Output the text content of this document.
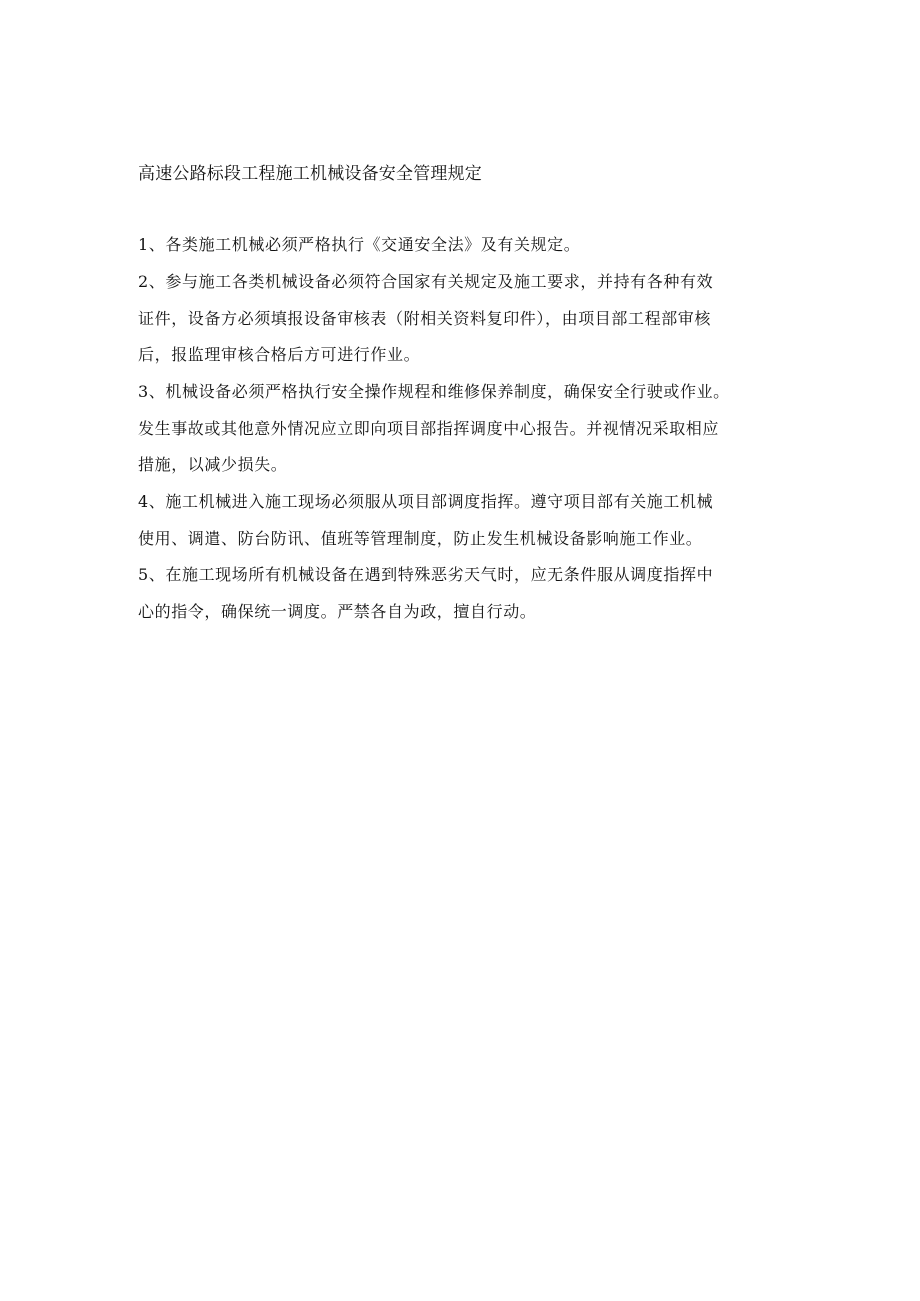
高速公路标段工程施工机械设备安全管理规定
1、各类施工机械必须严格执行《交通安全法》及有关规定。
2、参与施工各类机械设备必须符合国家有关规定及施工要求，并持有各种有效
证件，设备方必须填报设备审核表（附相关资料复印件），由项目部工程部审核
后，报监理审核合格后方可进行作业。
3、机械设备必须严格执行安全操作规程和维修保养制度，确保安全行驶或作业。
发生事故或其他意外情况应立即向项目部指挥调度中心报告。并视情况采取相应
措施，以减少损失。
4、施工机械进入施工现场必须服从项目部调度指挥。遵守项目部有关施工机械
使用、调遣、防台防讯、值班等管理制度，防止发生机械设备影响施工作业。
5、在施工现场所有机械设备在遇到特殊恶劣天气时，应无条件服从调度指挥中
心的指令，确保统一调度。严禁各自为政，擅自行动。
